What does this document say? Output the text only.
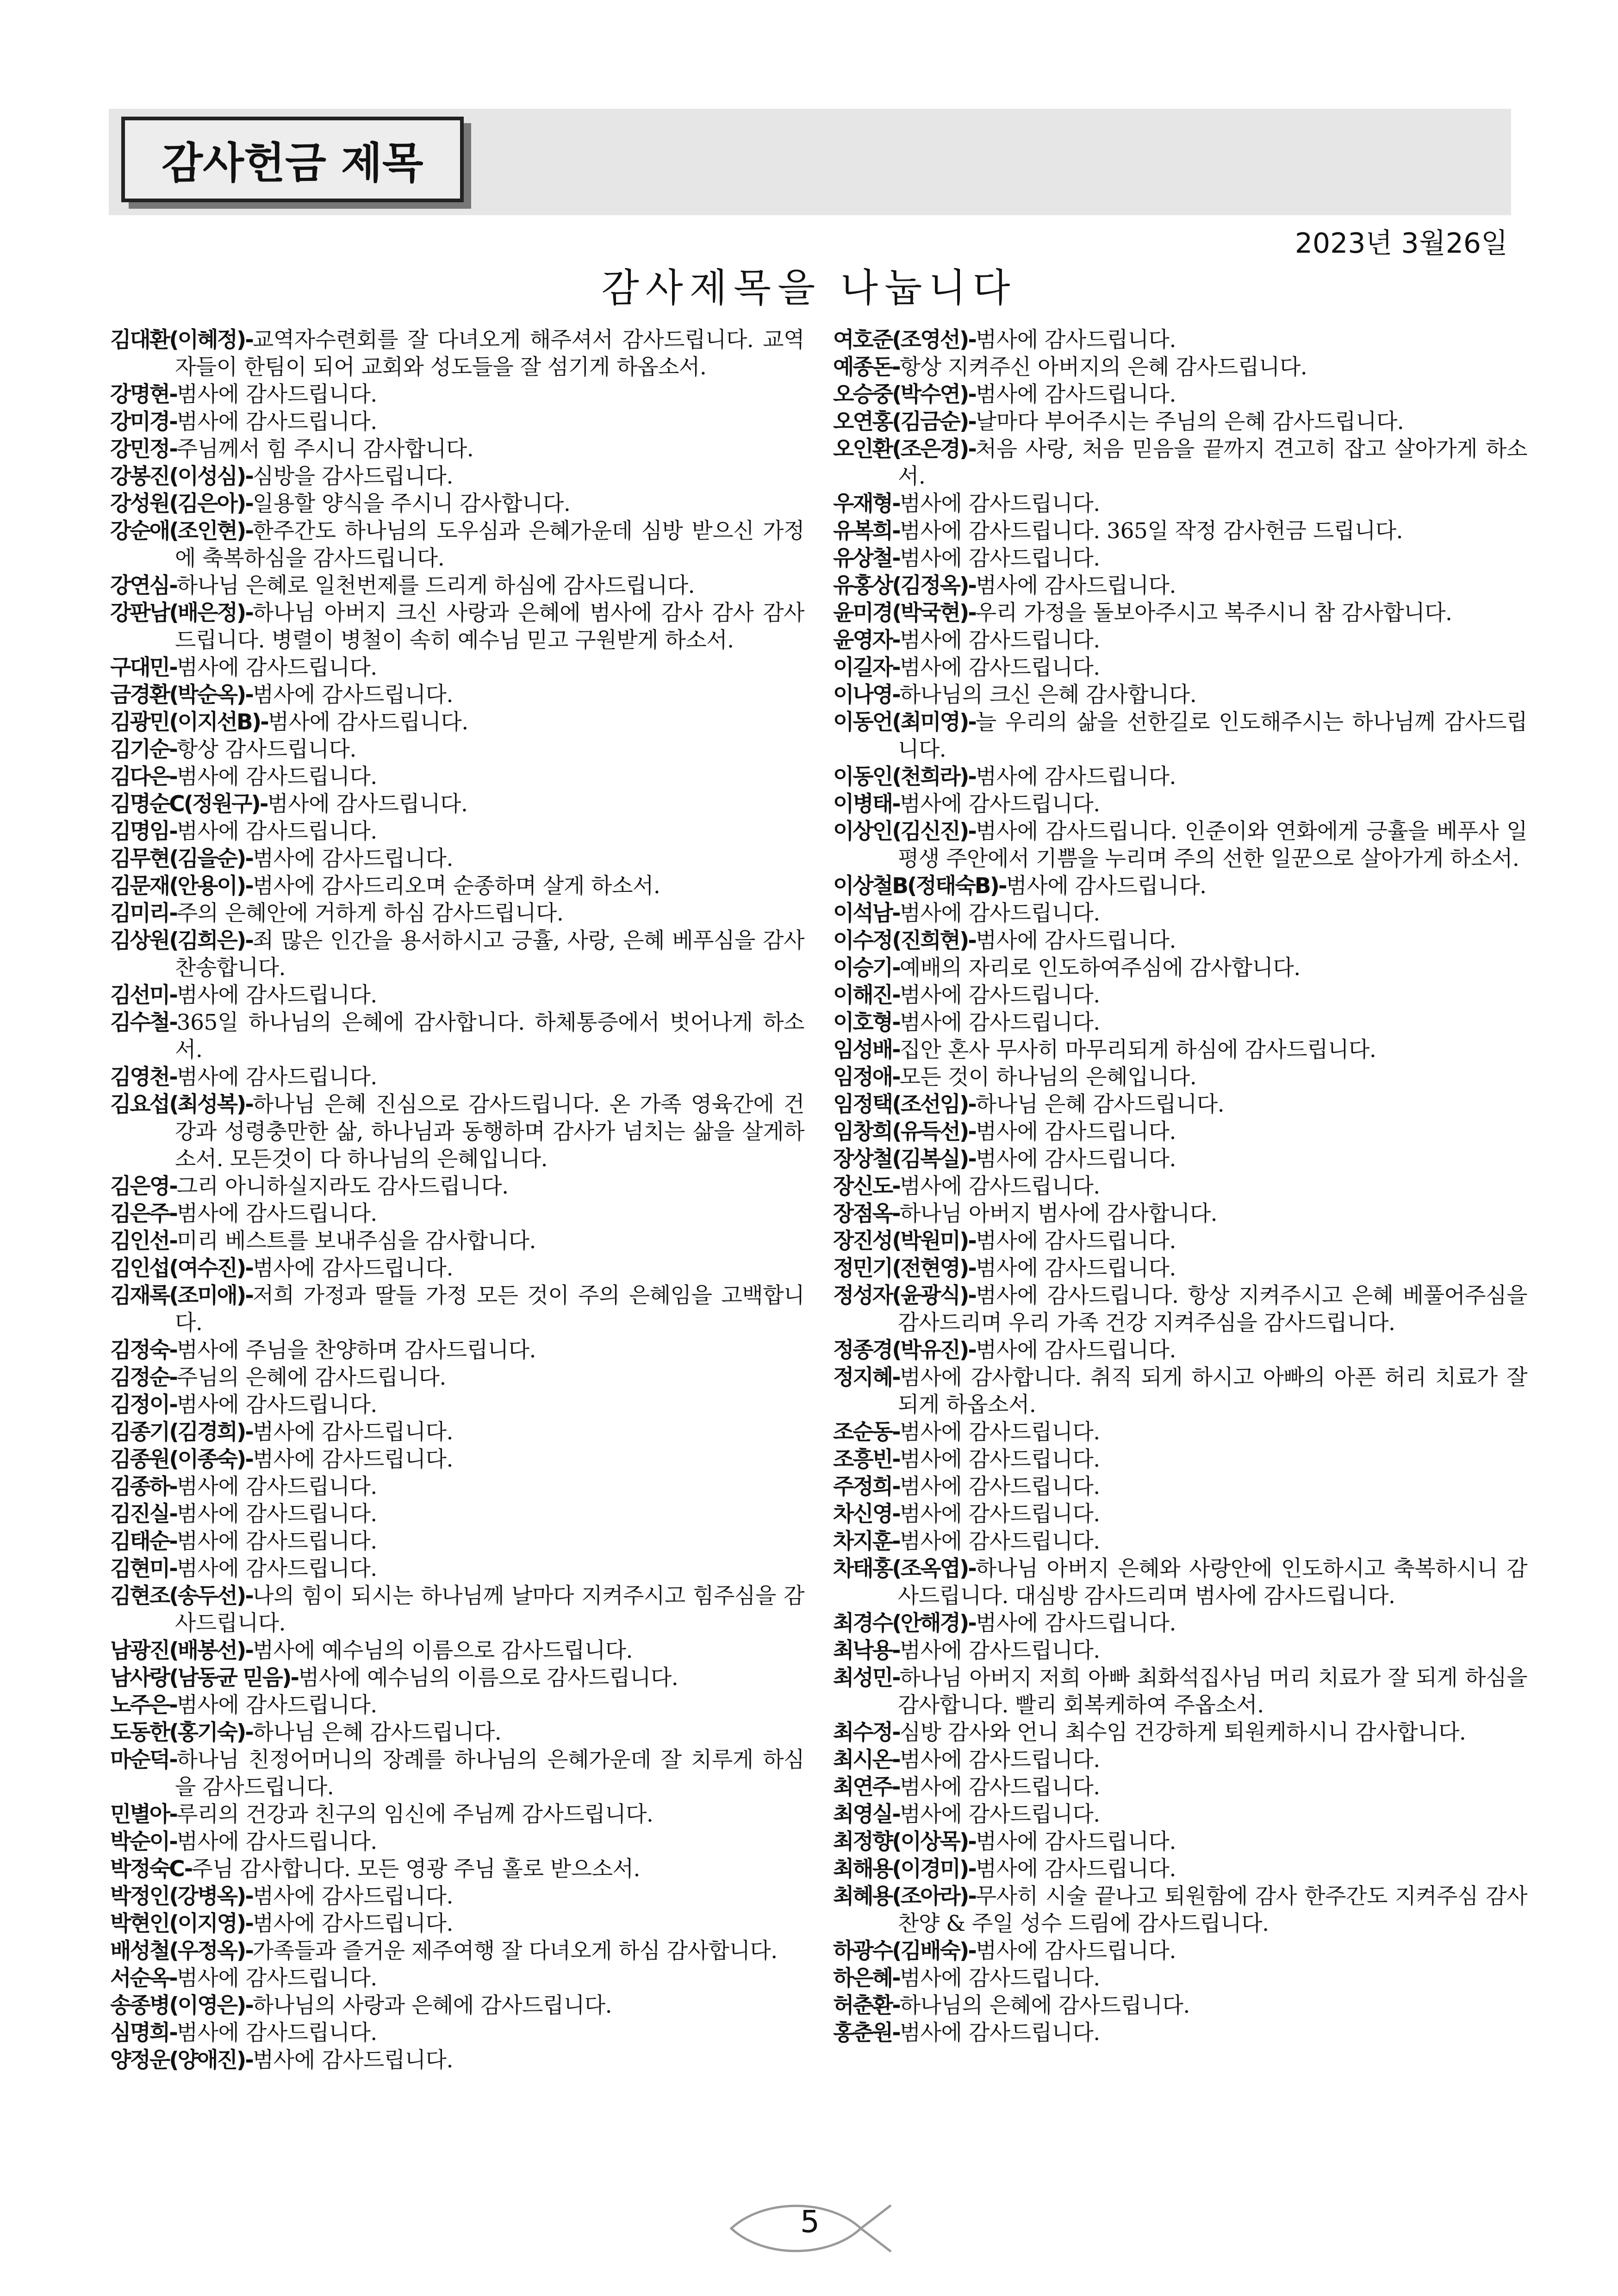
감사헌금 제목
2023년 3월26일
감사제목을 나눕니다
김대환(이혜정)-교역자수련회를 잘 다녀오게 해주셔서 감사드립니다. 교역자들이 한팀이 되어 교회와 성도들을 잘 섬기게 하옵소서.
강명현-범사에 감사드립니다.
강미경-범사에 감사드립니다.
강민정-주님께서 힘 주시니 감사합니다.
강봉진(이성심)-심방을 감사드립니다.
강성원(김은아)-일용할 양식을 주시니 감사합니다.
강순애(조인현)-한주간도 하나님의 도우심과 은혜가운데 심방 받으신 가정에 축복하심을 감사드립니다.
강연심-하나님 은혜로 일천번제를 드리게 하심에 감사드립니다.
강판남(배은정)-하나님 아버지 크신 사랑과 은혜에 범사에 감사 감사 감사드립니다. 병렬이 병철이 속히 예수님 믿고 구원받게 하소서.
구대민-범사에 감사드립니다.
금경환(박순옥)-범사에 감사드립니다.
김광민(이지선B)-범사에 감사드립니다.
김기순-항상 감사드립니다.
김다은-범사에 감사드립니다.
김명순C(정원구)-범사에 감사드립니다.
김명임-범사에 감사드립니다.
김무현(김을순)-범사에 감사드립니다.
김문재(안용이)-범사에 감사드리오며 순종하며 살게 하소서.
김미리-주의 은혜안에 거하게 하심 감사드립니다.
김상원(김희은)-죄 많은 인간을 용서하시고 긍휼, 사랑, 은혜 베푸심을 감사 찬송합니다.
김선미-범사에 감사드립니다.
김수철-365일 하나님의 은혜에 감사합니다. 하체통증에서 벗어나게 하소서.
김영천-범사에 감사드립니다.
김요섭(최성복)-하나님 은혜 진심으로 감사드립니다. 온 가족 영육간에 건강과 성령충만한 삶, 하나님과 동행하며 감사가 넘치는 삶을 살게하소서. 모든것이 다 하나님의 은혜입니다.
김은영-그리 아니하실지라도 감사드립니다.
김은주-범사에 감사드립니다.
김인선-미리 베스트를 보내주심을 감사합니다.
김인섭(여수진)-범사에 감사드립니다.
김재록(조미애)-저희 가정과 딸들 가정 모든 것이 주의 은혜임을 고백합니다.
김정숙-범사에 주님을 찬양하며 감사드립니다.
김정순-주님의 은혜에 감사드립니다.
김정이-범사에 감사드립니다.
김종기(김경희)-범사에 감사드립니다.
김종원(이종숙)-범사에 감사드립니다.
김종하-범사에 감사드립니다.
김진실-범사에 감사드립니다.
김태순-범사에 감사드립니다.
김현미-범사에 감사드립니다.
김현조(송두선)-나의 힘이 되시는 하나님께 날마다 지켜주시고 힘주심을 감사드립니다.
남광진(배봉선)-범사에 예수님의 이름으로 감사드립니다.
남사랑(남동균 믿음)-범사에 예수님의 이름으로 감사드립니다.
노주은-범사에 감사드립니다.
도동한(홍기숙)-하나님 은혜 감사드립니다.
마순덕-하나님 친정어머니의 장례를 하나님의 은혜가운데 잘 치루게 하심을 감사드립니다.
민별아-루리의 건강과 친구의 임신에 주님께 감사드립니다.
박순이-범사에 감사드립니다.
박정숙C-주님 감사합니다. 모든 영광 주님 홀로 받으소서.
박정인(강병옥)-범사에 감사드립니다.
박현인(이지영)-범사에 감사드립니다.
배성철(우정옥)-가족들과 즐거운 제주여행 잘 다녀오게 하심 감사합니다.
서순옥-범사에 감사드립니다.
송종병(이영은)-하나님의 사랑과 은혜에 감사드립니다.
심명희-범사에 감사드립니다.
양정운(양애진)-범사에 감사드립니다.
여호준(조영선)-범사에 감사드립니다.
예종돈-항상 지켜주신 아버지의 은혜 감사드립니다.
오승중(박수연)-범사에 감사드립니다.
오연홍(김금순)-날마다 부어주시는 주님의 은혜 감사드립니다.
오인환(조은경)-처음 사랑, 처음 믿음을 끝까지 견고히 잡고 살아가게 하소서.
우재형-범사에 감사드립니다.
유복희-범사에 감사드립니다. 365일 작정 감사헌금 드립니다.
유상철-범사에 감사드립니다.
유홍상(김정옥)-범사에 감사드립니다.
윤미경(박국현)-우리 가정을 돌보아주시고 복주시니 참 감사합니다.
윤영자-범사에 감사드립니다.
이길자-범사에 감사드립니다.
이나영-하나님의 크신 은혜 감사합니다.
이동언(최미영)-늘 우리의 삶을 선한길로 인도해주시는 하나님께 감사드립니다.
이동인(천희라)-범사에 감사드립니다.
이병태-범사에 감사드립니다.
이상인(김신진)-범사에 감사드립니다. 인준이와 연화에게 긍휼을 베푸사 일평생 주안에서 기쁨을 누리며 주의 선한 일꾼으로 살아가게 하소서.
이상철B(정태숙B)-범사에 감사드립니다.
이석남-범사에 감사드립니다.
이수정(진희현)-범사에 감사드립니다.
이승기-예배의 자리로 인도하여주심에 감사합니다.
이해진-범사에 감사드립니다.
이호형-범사에 감사드립니다.
임성배-집안 혼사 무사히 마무리되게 하심에 감사드립니다.
임정애-모든 것이 하나님의 은혜입니다.
임정택(조선임)-하나님 은혜 감사드립니다.
임창희(유득선)-범사에 감사드립니다.
장상철(김복실)-범사에 감사드립니다.
장신도-범사에 감사드립니다.
장점옥-하나님 아버지 범사에 감사합니다.
장진성(박원미)-범사에 감사드립니다.
정민기(전현영)-범사에 감사드립니다.
정성자(윤광식)-범사에 감사드립니다. 항상 지켜주시고 은혜 베풀어주심을 감사드리며 우리 가족 건강 지켜주심을 감사드립니다.
정종경(박유진)-범사에 감사드립니다.
정지혜-범사에 감사합니다. 취직 되게 하시고 아빠의 아픈 허리 치료가 잘 되게 하옵소서.
조순동-범사에 감사드립니다.
조흥빈-범사에 감사드립니다.
주정희-범사에 감사드립니다.
차신영-범사에 감사드립니다.
차지훈-범사에 감사드립니다.
차태홍(조옥엽)-하나님 아버지 은혜와 사랑안에 인도하시고 축복하시니 감사드립니다. 대심방 감사드리며 범사에 감사드립니다.
최경수(안해경)-범사에 감사드립니다.
최낙용-범사에 감사드립니다.
최성민-하나님 아버지 저희 아빠 최화석집사님 머리 치료가 잘 되게 하심을 감사합니다. 빨리 회복케하여 주옵소서.
최수정-심방 감사와 언니 최수임 건강하게 퇴원케하시니 감사합니다.
최시온-범사에 감사드립니다.
최연주-범사에 감사드립니다.
최영실-범사에 감사드립니다.
최정향(이상목)-범사에 감사드립니다.
최해용(이경미)-범사에 감사드립니다.
최혜용(조아라)-무사히 시술 끝나고 퇴원함에 감사 한주간도 지켜주심 감사 찬양 & 주일 성수 드림에 감사드립니다.
하광수(김배숙)-범사에 감사드립니다.
하은혜-범사에 감사드립니다.
허춘환-하나님의 은혜에 감사드립니다.
홍춘원-범사에 감사드립니다.
5
